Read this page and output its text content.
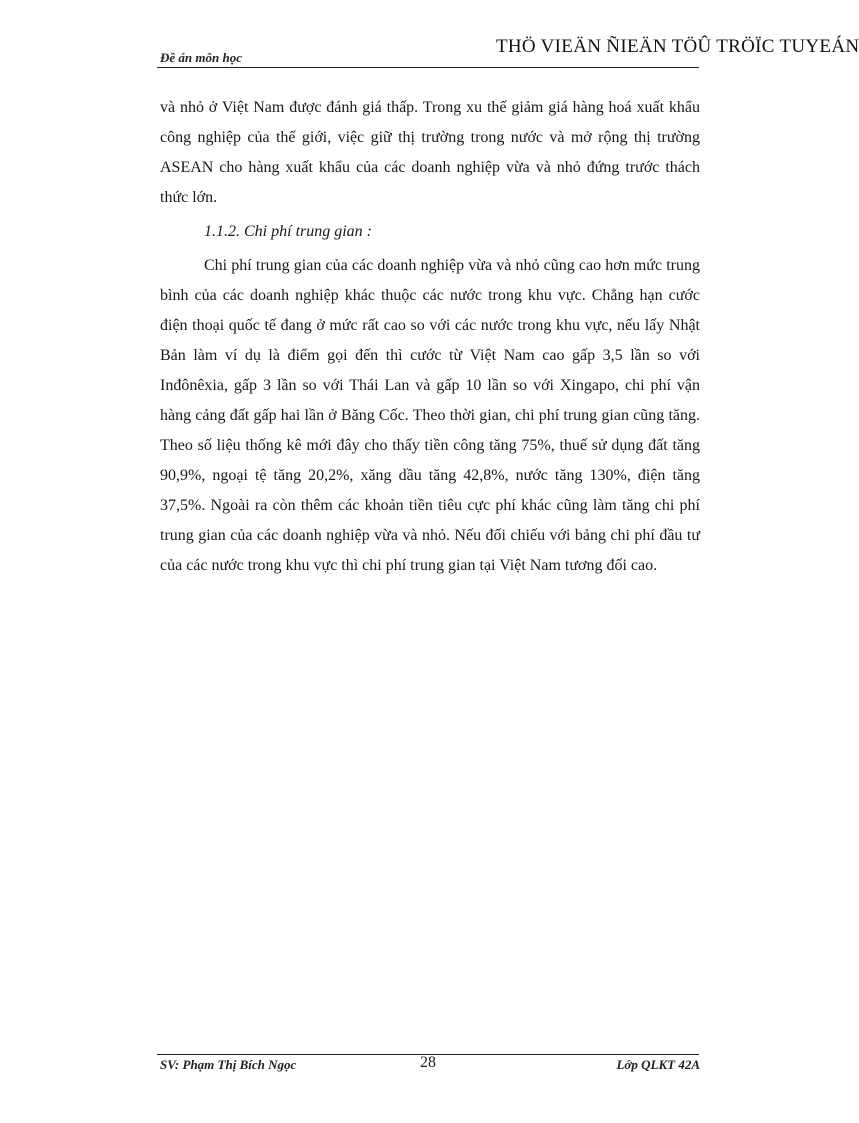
Đề án môn học
THÖ VIEÄN ÑIEÄN TÖÛ TRÖÏC TUYEÁN

và nhỏ ở Việt Nam được đánh giá thấp. Trong xu thế giảm giá hàng hoá xuất khẩu công nghiệp của thế giới, việc giữ thị trường trong nước và mở rộng thị trường ASEAN cho hàng xuất khẩu của các doanh nghiệp vừa và nhỏ đứng trước thách thức lớn.

1.1.2. Chi phí trung gian :

Chi phí trung gian của các doanh nghiệp vừa và nhỏ cũng cao hơn mức trung bình của các doanh nghiệp khác thuộc các nước trong khu vực. Chẳng hạn cước điện thoại quốc tế đang ở mức rất cao so với các nước trong khu vực, nếu lấy Nhật Bản làm ví dụ là điểm gọi đến thì cước từ Việt Nam cao gấp 3,5 lần so với Inđônêxia, gấp 3 lần so với Thái Lan và gấp 10 lần so với Xingapo, chi phí vận hàng cảng đất gấp hai lần ở Băng Cốc. Theo thời gian, chi phí trung gian cũng tăng. Theo số liệu thống kê mới đây cho thấy tiền công tăng 75%, thuế sử dụng đất tăng 90,9%, ngoại tệ tăng 20,2%, xăng dầu tăng 42,8%, nước tăng 130%, điện tăng 37,5%. Ngoài ra còn thêm các khoản tiền tiêu cực phí khác cũng làm tăng chi phí trung gian của các doanh nghiệp vừa và nhỏ. Nếu đối chiếu với bảng chi phí đầu tư của các nước trong khu vực thì chi phí trung gian tại Việt Nam tương đối cao.

SV: Phạm Thị Bích Ngọc	28	Lớp QLKT 42A
